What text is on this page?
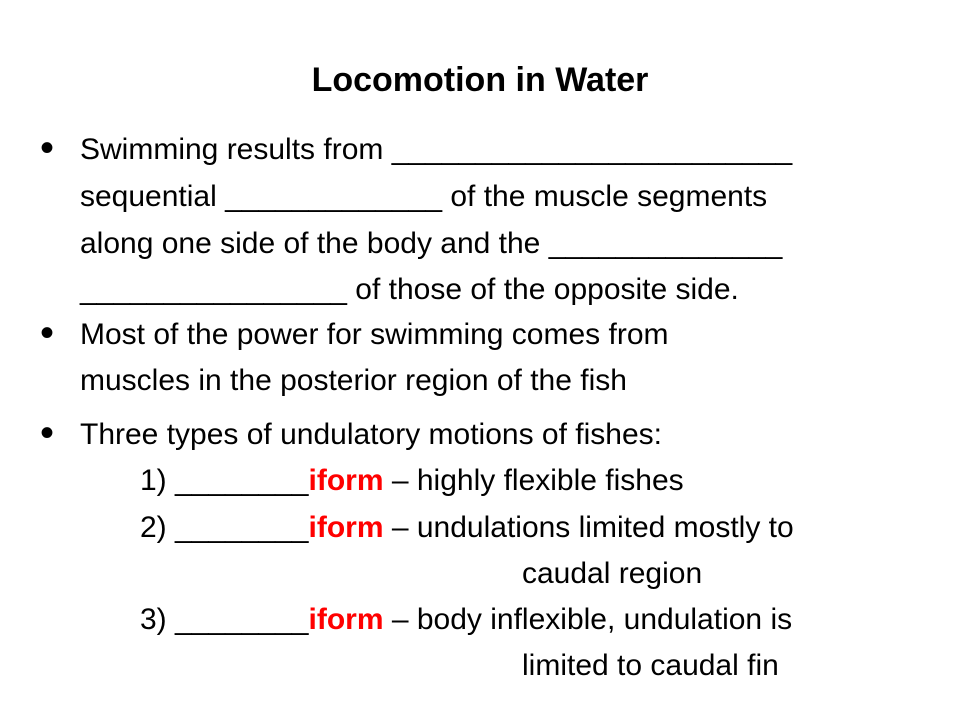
Locomotion in Water
• Swimming results from ________________________
sequential _____________ of the muscle segments
along one side of the body and the ______________
________________ of those of the opposite side.
• Most of the power for swimming comes from
muscles in the posterior region of the fish
• Three types of undulatory motions of fishes:
1) ________iform – highly flexible fishes
2) ________iform – undulations limited mostly to
caudal region
3) ________iform – body inflexible, undulation is
limited to caudal fin
